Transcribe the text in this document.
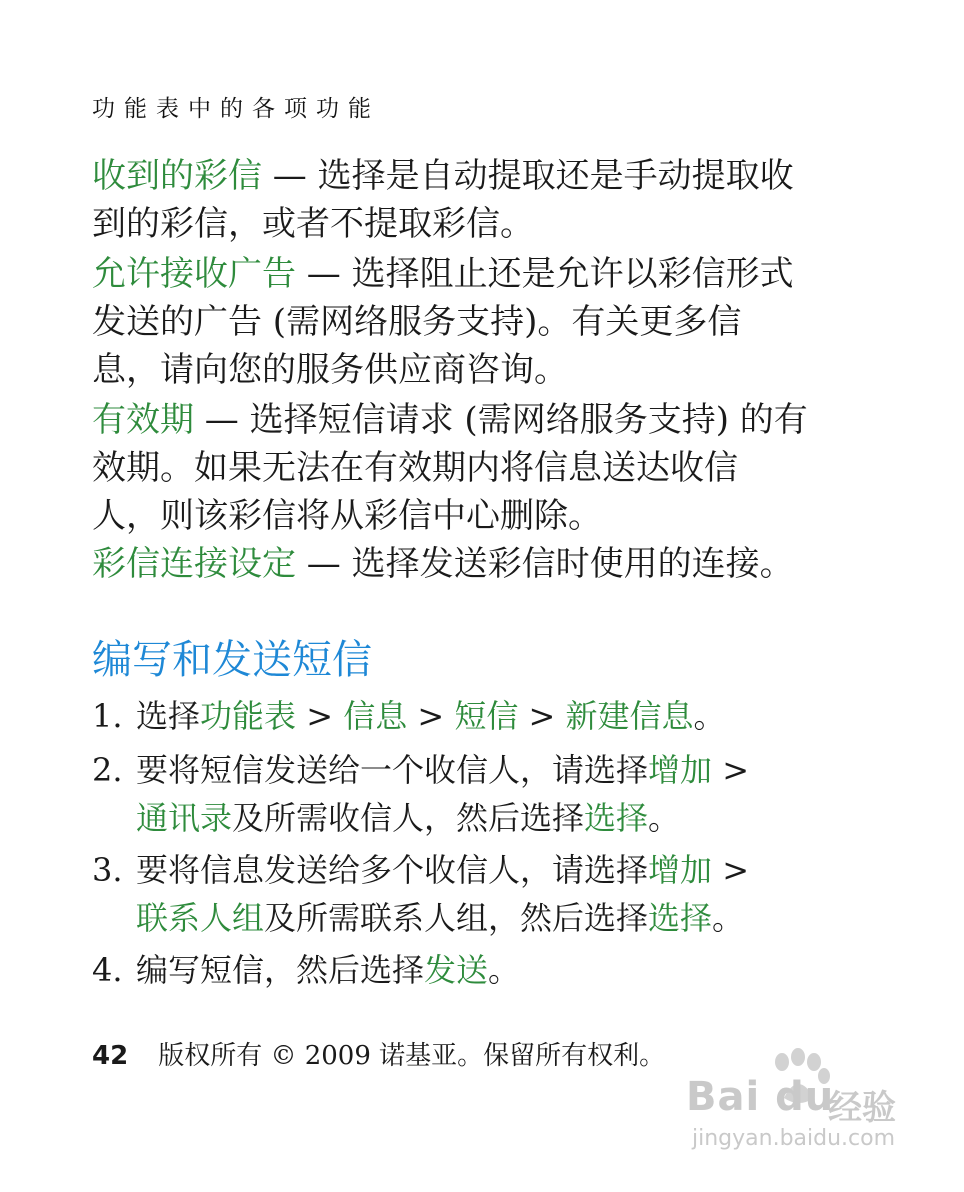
功能表中的各项功能

收到的彩信 — 选择是自动提取还是手动提取收
到的彩信，或者不提取彩信。

允许接收广告 — 选择阻止还是允许以彩信形式
发送的广告 (需网络服务支持)。有关更多信
息，请向您的服务供应商咨询。

有效期 — 选择短信请求 (需网络服务支持) 的有
效期。如果无法在有效期内将信息送达收信
人，则该彩信将从彩信中心删除。

彩信连接设定 — 选择发送彩信时使用的连接。

编写和发送短信
1. 选择功能表 > 信息 > 短信 > 新建信息。
2. 要将短信发送给一个收信人，请选择增加 >
通讯录及所需收信人，然后选择选择。
3. 要将信息发送给多个收信人，请选择增加 >
联系人组及所需联系人组，然后选择选择。
4. 编写短信，然后选择发送。
42 版权所有 © 2009 诺基亚。保留所有权利。
Bai du
经验
jingyan.baidu.com
